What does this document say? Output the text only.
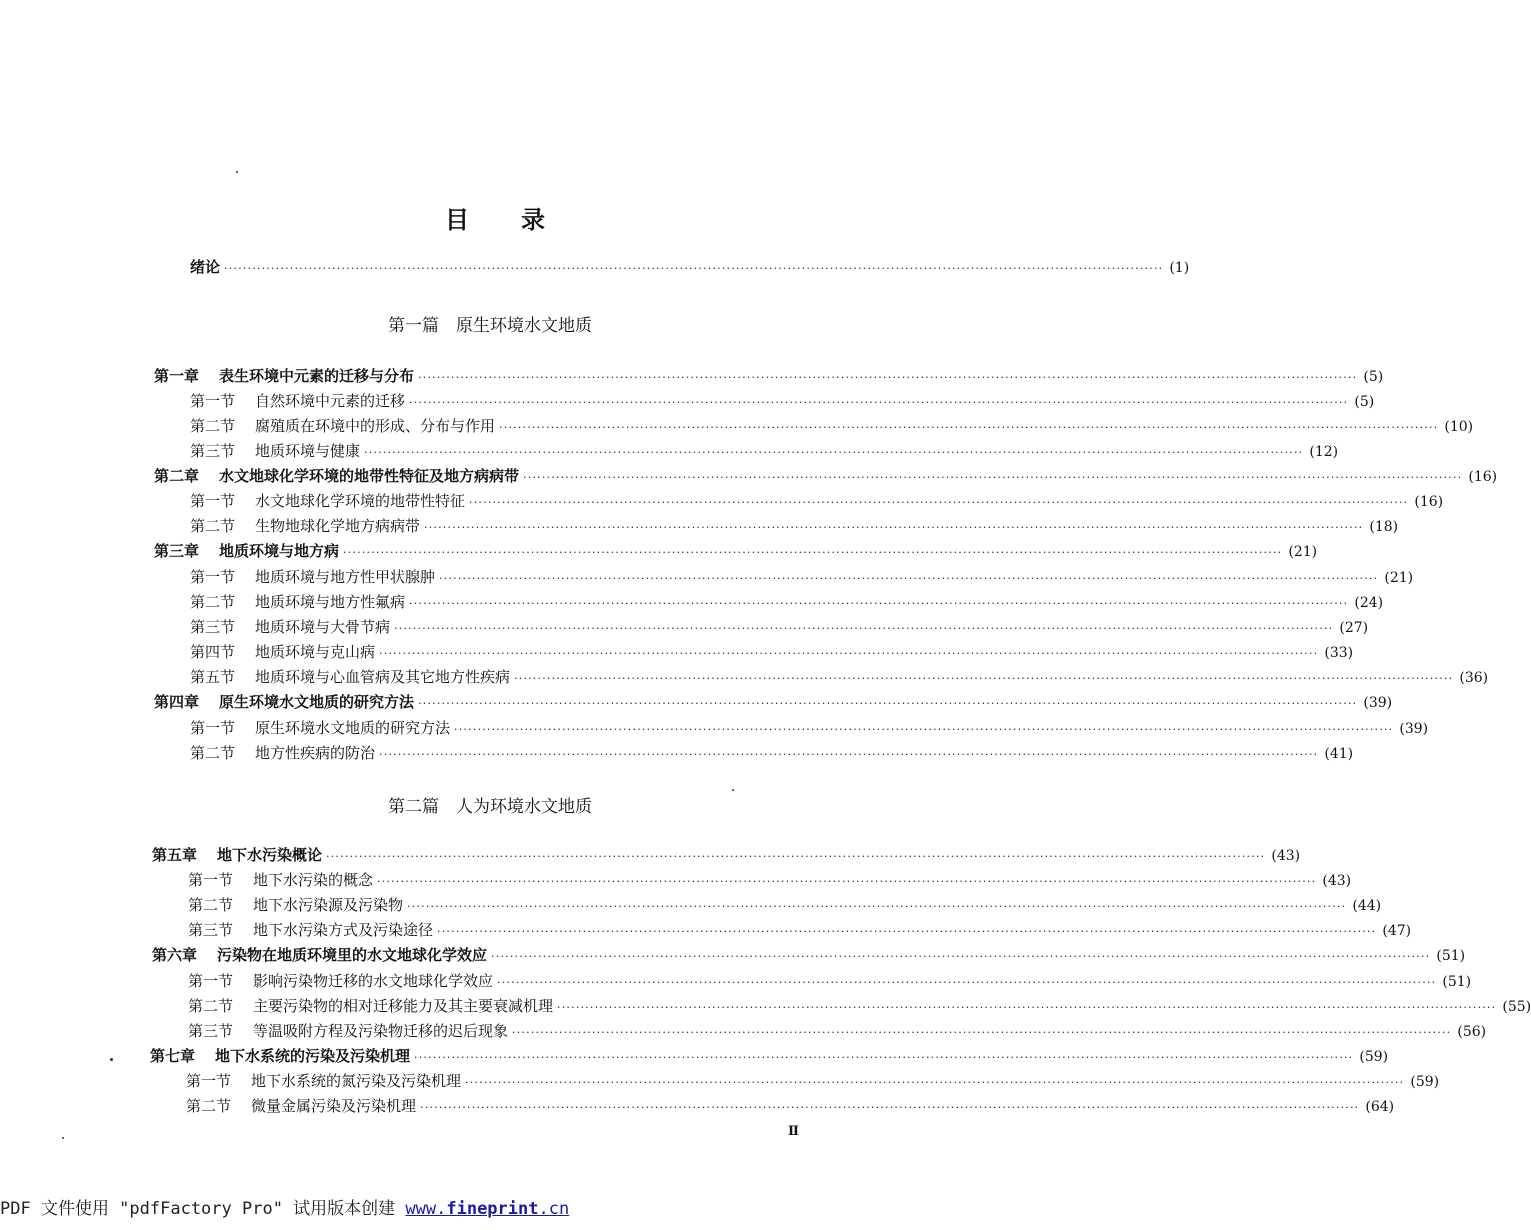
目 录
绪论 ········································································································································································································ (1)
第一篇　原生环境水文地质
第二篇　人为环境水文地质
第一章 表生环境中元素的迁移与分布 ········································································································································································································ (5)
第一节 自然环境中元素的迁移 ········································································································································································································ (5)
第二节 腐殖质在环境中的形成、分布与作用 ········································································································································································································ (10)
第三节 地质环境与健康 ········································································································································································································ (12)
第二章 水文地球化学环境的地带性特征及地方病病带 ········································································································································································································ (16)
第一节 水文地球化学环境的地带性特征 ········································································································································································································ (16)
第二节 生物地球化学地方病病带 ········································································································································································································ (18)
第三章 地质环境与地方病 ········································································································································································································ (21)
第一节 地质环境与地方性甲状腺肿 ········································································································································································································ (21)
第二节 地质环境与地方性氟病 ········································································································································································································ (24)
第三节 地质环境与大骨节病 ········································································································································································································ (27)
第四节 地质环境与克山病 ········································································································································································································ (33)
第五节 地质环境与心血管病及其它地方性疾病 ········································································································································································································ (36)
第四章 原生环境水文地质的研究方法 ········································································································································································································ (39)
第一节 原生环境水文地质的研究方法 ········································································································································································································ (39)
第二节 地方性疾病的防治 ········································································································································································································ (41)
第五章 地下水污染概论 ········································································································································································································ (43)
第一节 地下水污染的概念 ········································································································································································································ (43)
第二节 地下水污染源及污染物 ········································································································································································································ (44)
第三节 地下水污染方式及污染途径 ········································································································································································································ (47)
第六章 污染物在地质环境里的水文地球化学效应 ········································································································································································································ (51)
第一节 影响污染物迁移的水文地球化学效应 ········································································································································································································ (51)
第二节 主要污染物的相对迁移能力及其主要衰减机理 ········································································································································································································ (55)
第三节 等温吸附方程及污染物迁移的迟后现象 ········································································································································································································ (56)
第七章 地下水系统的污染及污染机理 ········································································································································································································ (59)
第一节 地下水系统的氮污染及污染机理 ········································································································································································································ (59)
第二节 微量金属污染及污染机理 ········································································································································································································ (64)
Ⅱ
PDF 文件使用 "pdfFactory Pro" 试用版本创建 www.fineprint.cn
